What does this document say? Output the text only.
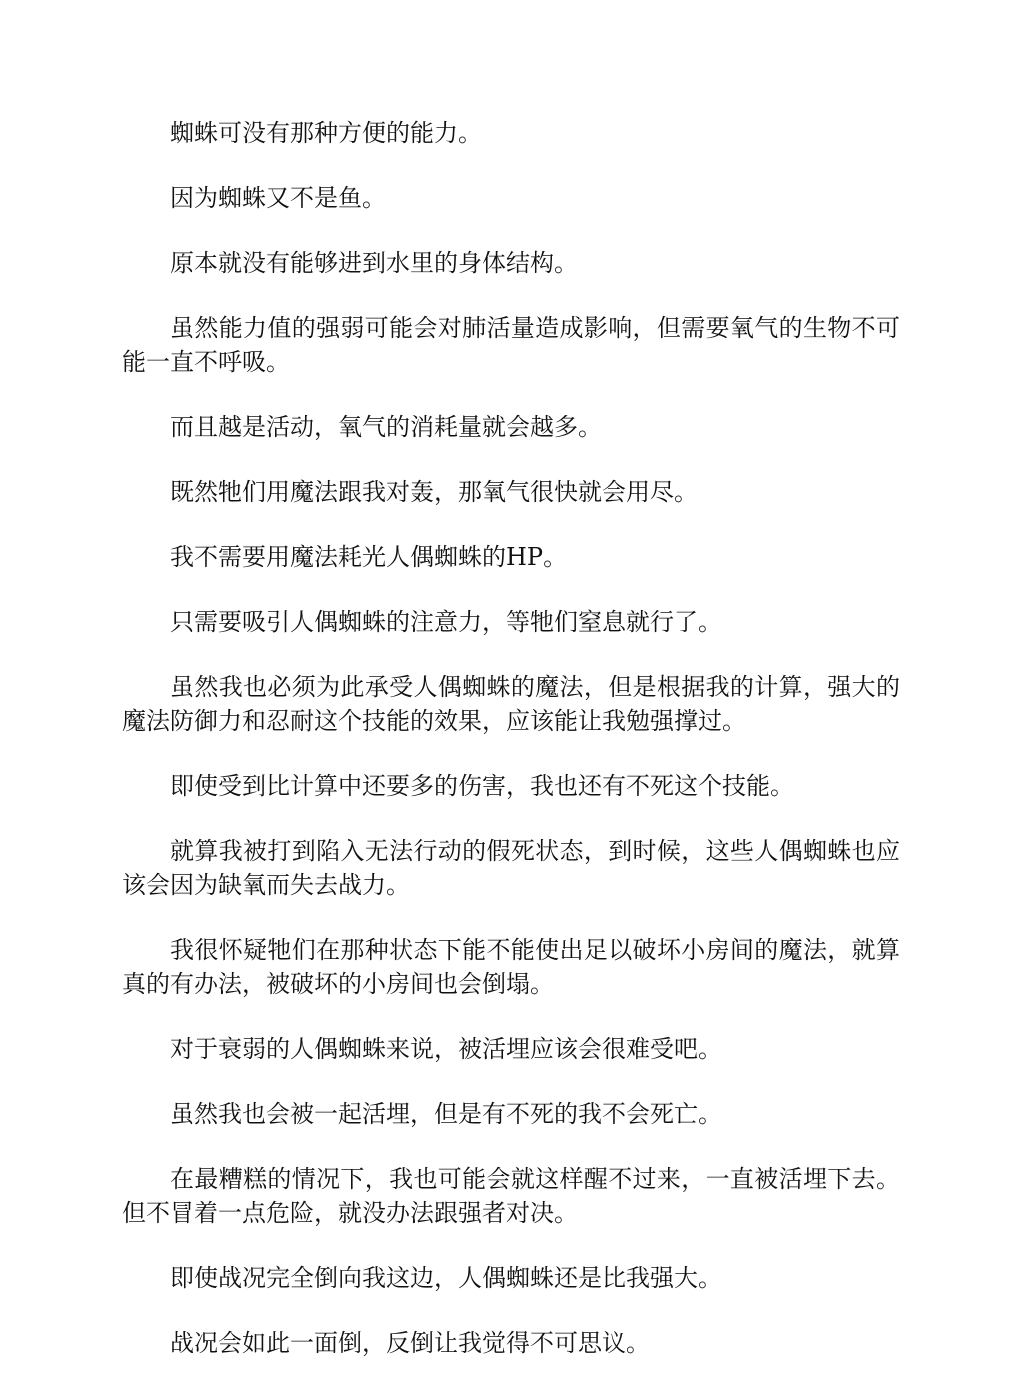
蜘蛛可没有那种方便的能力。

因为蜘蛛又不是鱼。

原本就没有能够进到水里的身体结构。

虽然能力值的强弱可能会对肺活量造成影响，但需要氧气的生物不可能一直不呼吸。

而且越是活动，氧气的消耗量就会越多。

既然牠们用魔法跟我对轰，那氧气很快就会用尽。

我不需要用魔法耗光人偶蜘蛛的HP。

只需要吸引人偶蜘蛛的注意力，等牠们窒息就行了。

虽然我也必须为此承受人偶蜘蛛的魔法，但是根据我的计算，强大的魔法防御力和忍耐这个技能的效果，应该能让我勉强撑过。

即使受到比计算中还要多的伤害，我也还有不死这个技能。

就算我被打到陷入无法行动的假死状态，到时候，这些人偶蜘蛛也应该会因为缺氧而失去战力。

我很怀疑牠们在那种状态下能不能使出足以破坏小房间的魔法，就算真的有办法，被破坏的小房间也会倒塌。

对于衰弱的人偶蜘蛛来说，被活埋应该会很难受吧。

虽然我也会被一起活埋，但是有不死的我不会死亡。

在最糟糕的情况下，我也可能会就这样醒不过来，一直被活埋下去。但不冒着一点危险，就没办法跟强者对决。

即使战况完全倒向我这边，人偶蜘蛛还是比我强大。

战况会如此一面倒，反倒让我觉得不可思议。
